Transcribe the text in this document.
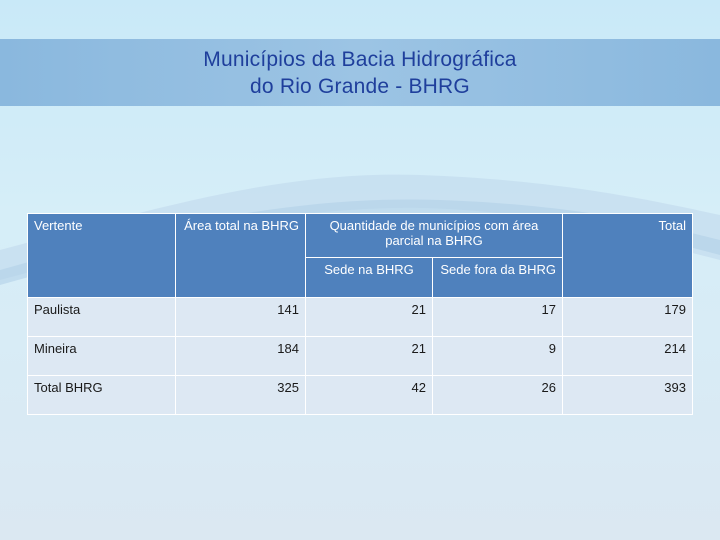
Municípios da Bacia Hidrográfica
do Rio Grande - BHRG
Vertente	Área total na BHRG	Quantidade de municípios com área parcial na BHRG		Total
		Sede na BHRG	Sede fora da BHRG	
Paulista	141	21	17	179
Mineira	184	21	9	214
Total BHRG	325	42	26	393
